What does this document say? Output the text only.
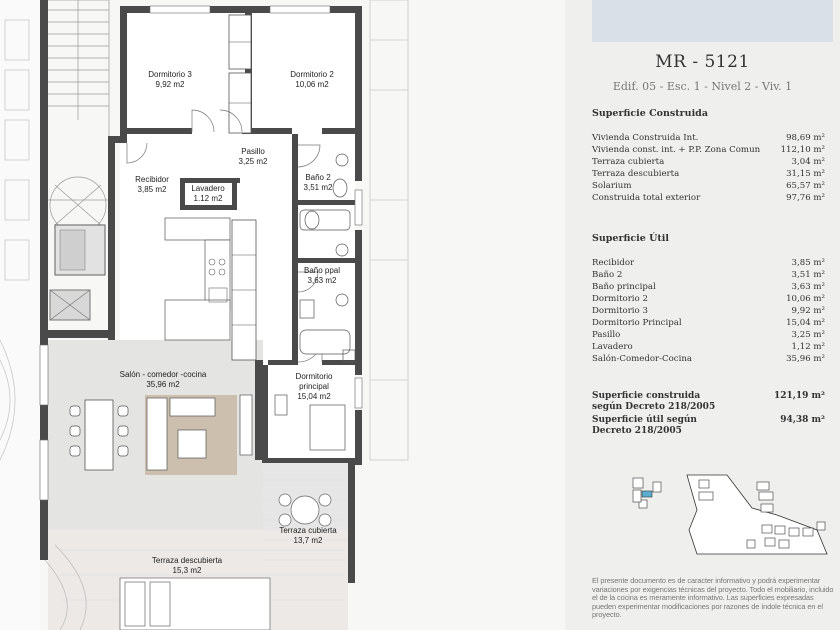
Dormitorio 3
9,92 m2
Dormitorio 2
10,06 m2
Pasillo
3,25 m2
Recibidor
3,85 m2	Lavadero
1.12 m2
Baño 2
3,51 m2
Baño ppal
3,63 m2
Salón - comedor -cocina
35,96 m2
Dormitorio
principal
15,04 m2
Terraza cubierta
13,7 m2
Terraza descubierta
15,3 m2
MR - 5121
Edif. 05 - Esc. 1 - Nivel 2 - Viv. 1
Superficie Construida
Vivienda Construida Int.	98,69 m²
Vivienda const. int. + P.P. Zona Comun 112,10 m²
Terraza cubierta	3,04 m²
Terraza descubierta	31,15 m²
Solarium	65,57 m²
Construida total exterior	97,76 m²
Superficie Útil
Recibidor	3,85 m²
Baño 2	3,51 m²
Baño principal	3,63 m²
Dormitorio 2	10,06 m²
Dormitorio 3	9,92 m²
Dormitorio Principal	15,04 m²
Pasillo	3,25 m²
Lavadero	1,12 m²
Salón-Comedor-Cocina	35,96 m²
Superficie construida
según Decreto 218/2005
121,19 m²
Superficie útil según
Decreto 218/2005
94,38 m²
El presente documento es de caracter informativo y podrá experimentar variaciones por exigencias técnicas del proyecto. Todo el mobiliario, incluido el de la cocina es meramente informativo. Las superficies expresadas pueden experimentar modificaciones por razones de índole técnica en el proyecto.
